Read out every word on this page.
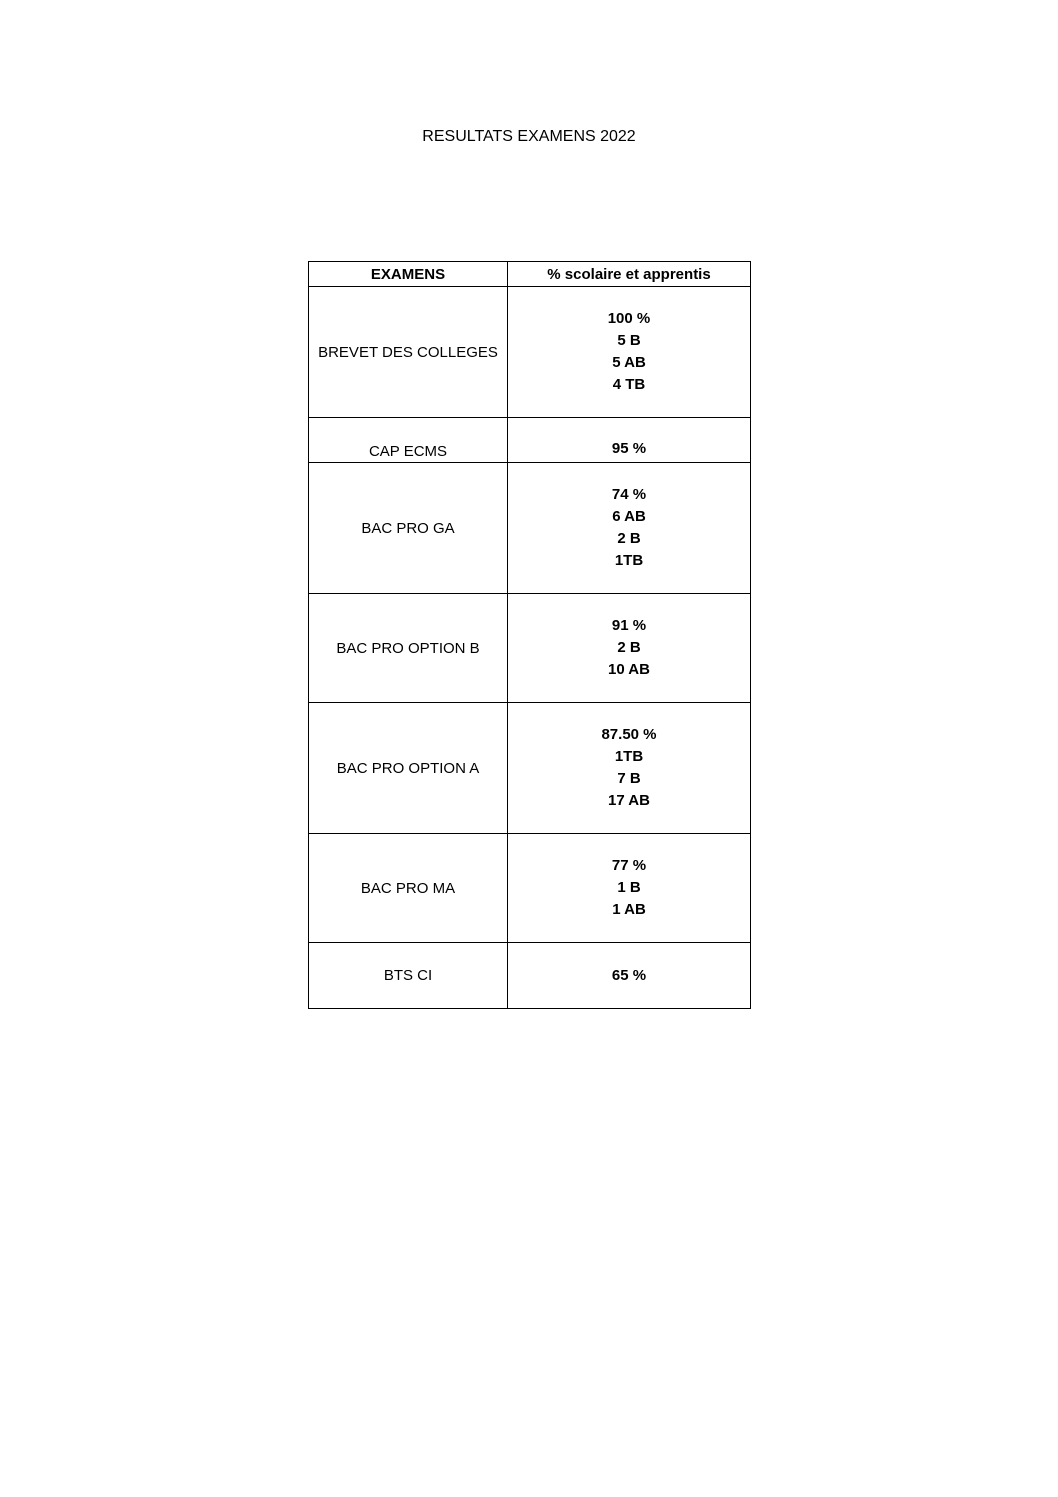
RESULTATS EXAMENS 2022
EXAMENS	% scolaire et apprentis
BREVET DES COLLEGES	100 %
5 B
5 AB
4 TB

CAP ECMS	95 %

BAC PRO GA	74 %
6 AB
2 B
1TB

BAC PRO OPTION B	91 %
2 B
10 AB

BAC PRO OPTION A	87.50 %
1TB
7 B
17 AB

BAC PRO MA	77 %
1 B
1 AB

BTS CI	65 %
